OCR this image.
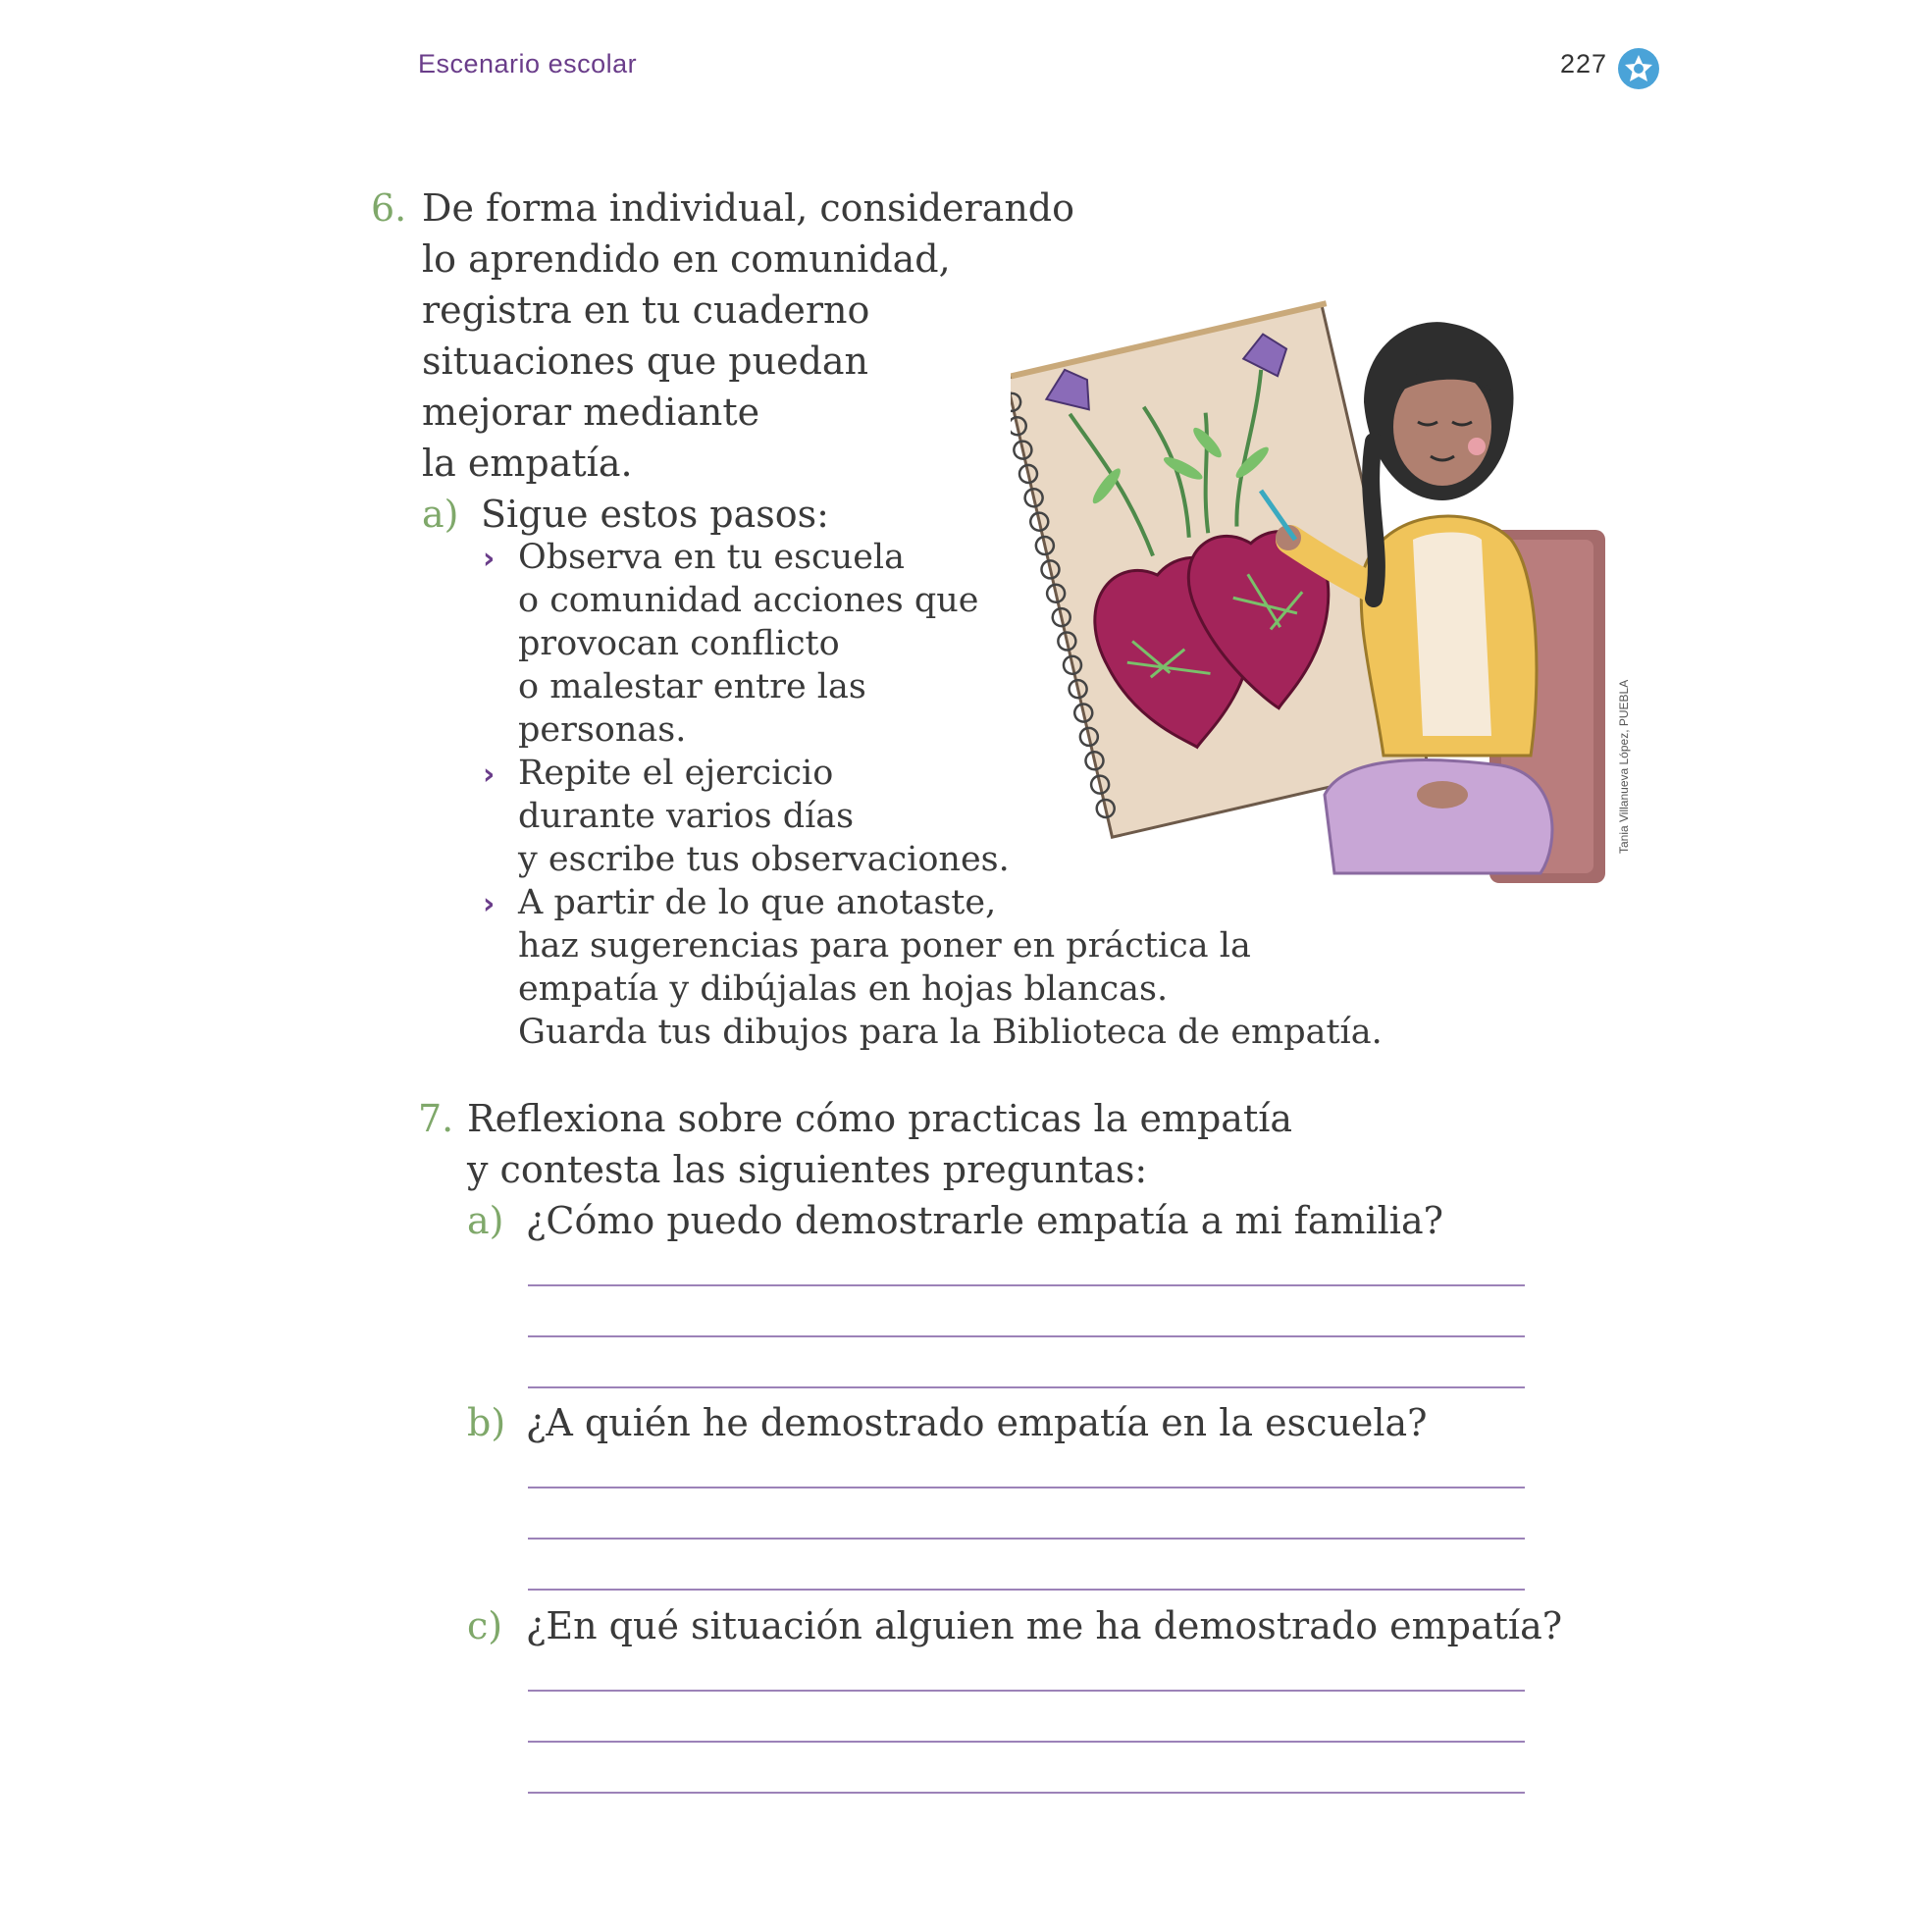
Escenario escolar	227
6. De forma individual, considerando
lo aprendido en comunidad,
registra en tu cuaderno
situaciones que puedan
mejorar mediante
la empatía.
a) Sigue estos pasos:
› Observa en tu escuela
o comunidad acciones que
provocan conflicto
o malestar entre las
personas.
› Repite el ejercicio
durante varios días
y escribe tus observaciones.
› A partir de lo que anotaste,
haz sugerencias para poner en práctica la
empatía y dibújalas en hojas blancas.
Guarda tus dibujos para la Biblioteca de empatía.
Tania Villanueva López, PUEBLA
7. Reflexiona sobre cómo practicas la empatía
y contesta las siguientes preguntas:
a) ¿Cómo puedo demostrarle empatía a mi familia?
b) ¿A quién he demostrado empatía en la escuela?
c) ¿En qué situación alguien me ha demostrado empatía?
